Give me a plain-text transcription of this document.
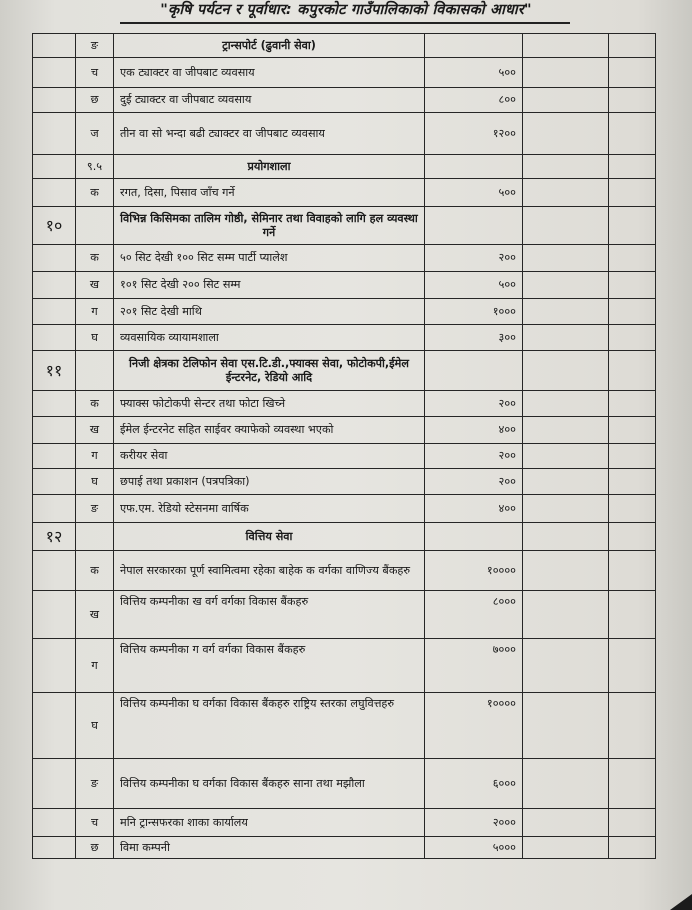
"कृषि पर्यटन र पूर्वाधार: कपुरकोट गाउँपालिकाको विकासको आधार"
	ङ	ट्रान्सपोर्ट (ढुवानी सेवा)			
	च	एक ट्याक्टर वा जीपबाट व्यवसाय	५००		
	छ	दुई ट्याक्टर वा जीपबाट व्यवसाय	८००		
	ज	तीन वा सो भन्दा बढी ट्याक्टर वा जीपबाट व्यवसाय	१२००		
	९.५	प्रयोगशाला			
	क	रगत, दिसा, पिसाव जाँच गर्ने	५००		
१०		विभिन्न किसिमका तालिम गोष्ठी, सेमिनार तथा विवाहको लागि हल व्यवस्था गर्ने			
	क	५० सिट देखी १०० सिट सम्म पार्टी प्यालेश	२००		
	ख	१०१ सिट देखी २०० सिट सम्म	५००		
	ग	२०१ सिट देखी माथि	१०००		
	घ	व्यवसायिक व्यायामशाला	३००		
११		निजी क्षेत्रका टेलिफोन सेवा एस.टि.डी.,फ्याक्स सेवा, फोटोकपी,ईमेल ईन्टरनेट, रेडियो आदि			
	क	फ्याक्स फोटोकपी सेन्टर तथा फोटा खिच्ने	२००		
	ख	ईमेल ईन्टरनेट सहित साईवर क्याफेको व्यवस्था भएको	४००		
	ग	करीयर सेवा	२००		
	घ	छपाई तथा प्रकाशन (पत्रपत्रिका)	२००		
	ङ	एफ.एम. रेडियो स्टेसनमा वार्षिक	४००		
१२		वित्तिय सेवा			
	क	नेपाल सरकारका पूर्ण स्वामित्वमा रहेका बाहेक क वर्गका वाणिज्य बैंकहरु	१००००		
	ख	वित्तिय कम्पनीका ख वर्ग वर्गका विकास बैंकहरु	८०००		
	ग	वित्तिय कम्पनीका ग वर्ग वर्गका विकास बैंकहरु	७०००		
	घ	वित्तिय कम्पनीका घ वर्गका विकास बैंकहरु राष्ट्रिय स्तरका लघुवित्तहरु	१००००		
	ङ	वित्तिय कम्पनीका घ वर्गका विकास बैंकहरु साना तथा मझौला	६०००		
	च	मनि ट्रान्सफरका शाका कार्यालय	२०००		
	छ	विमा कम्पनी	५०००		
